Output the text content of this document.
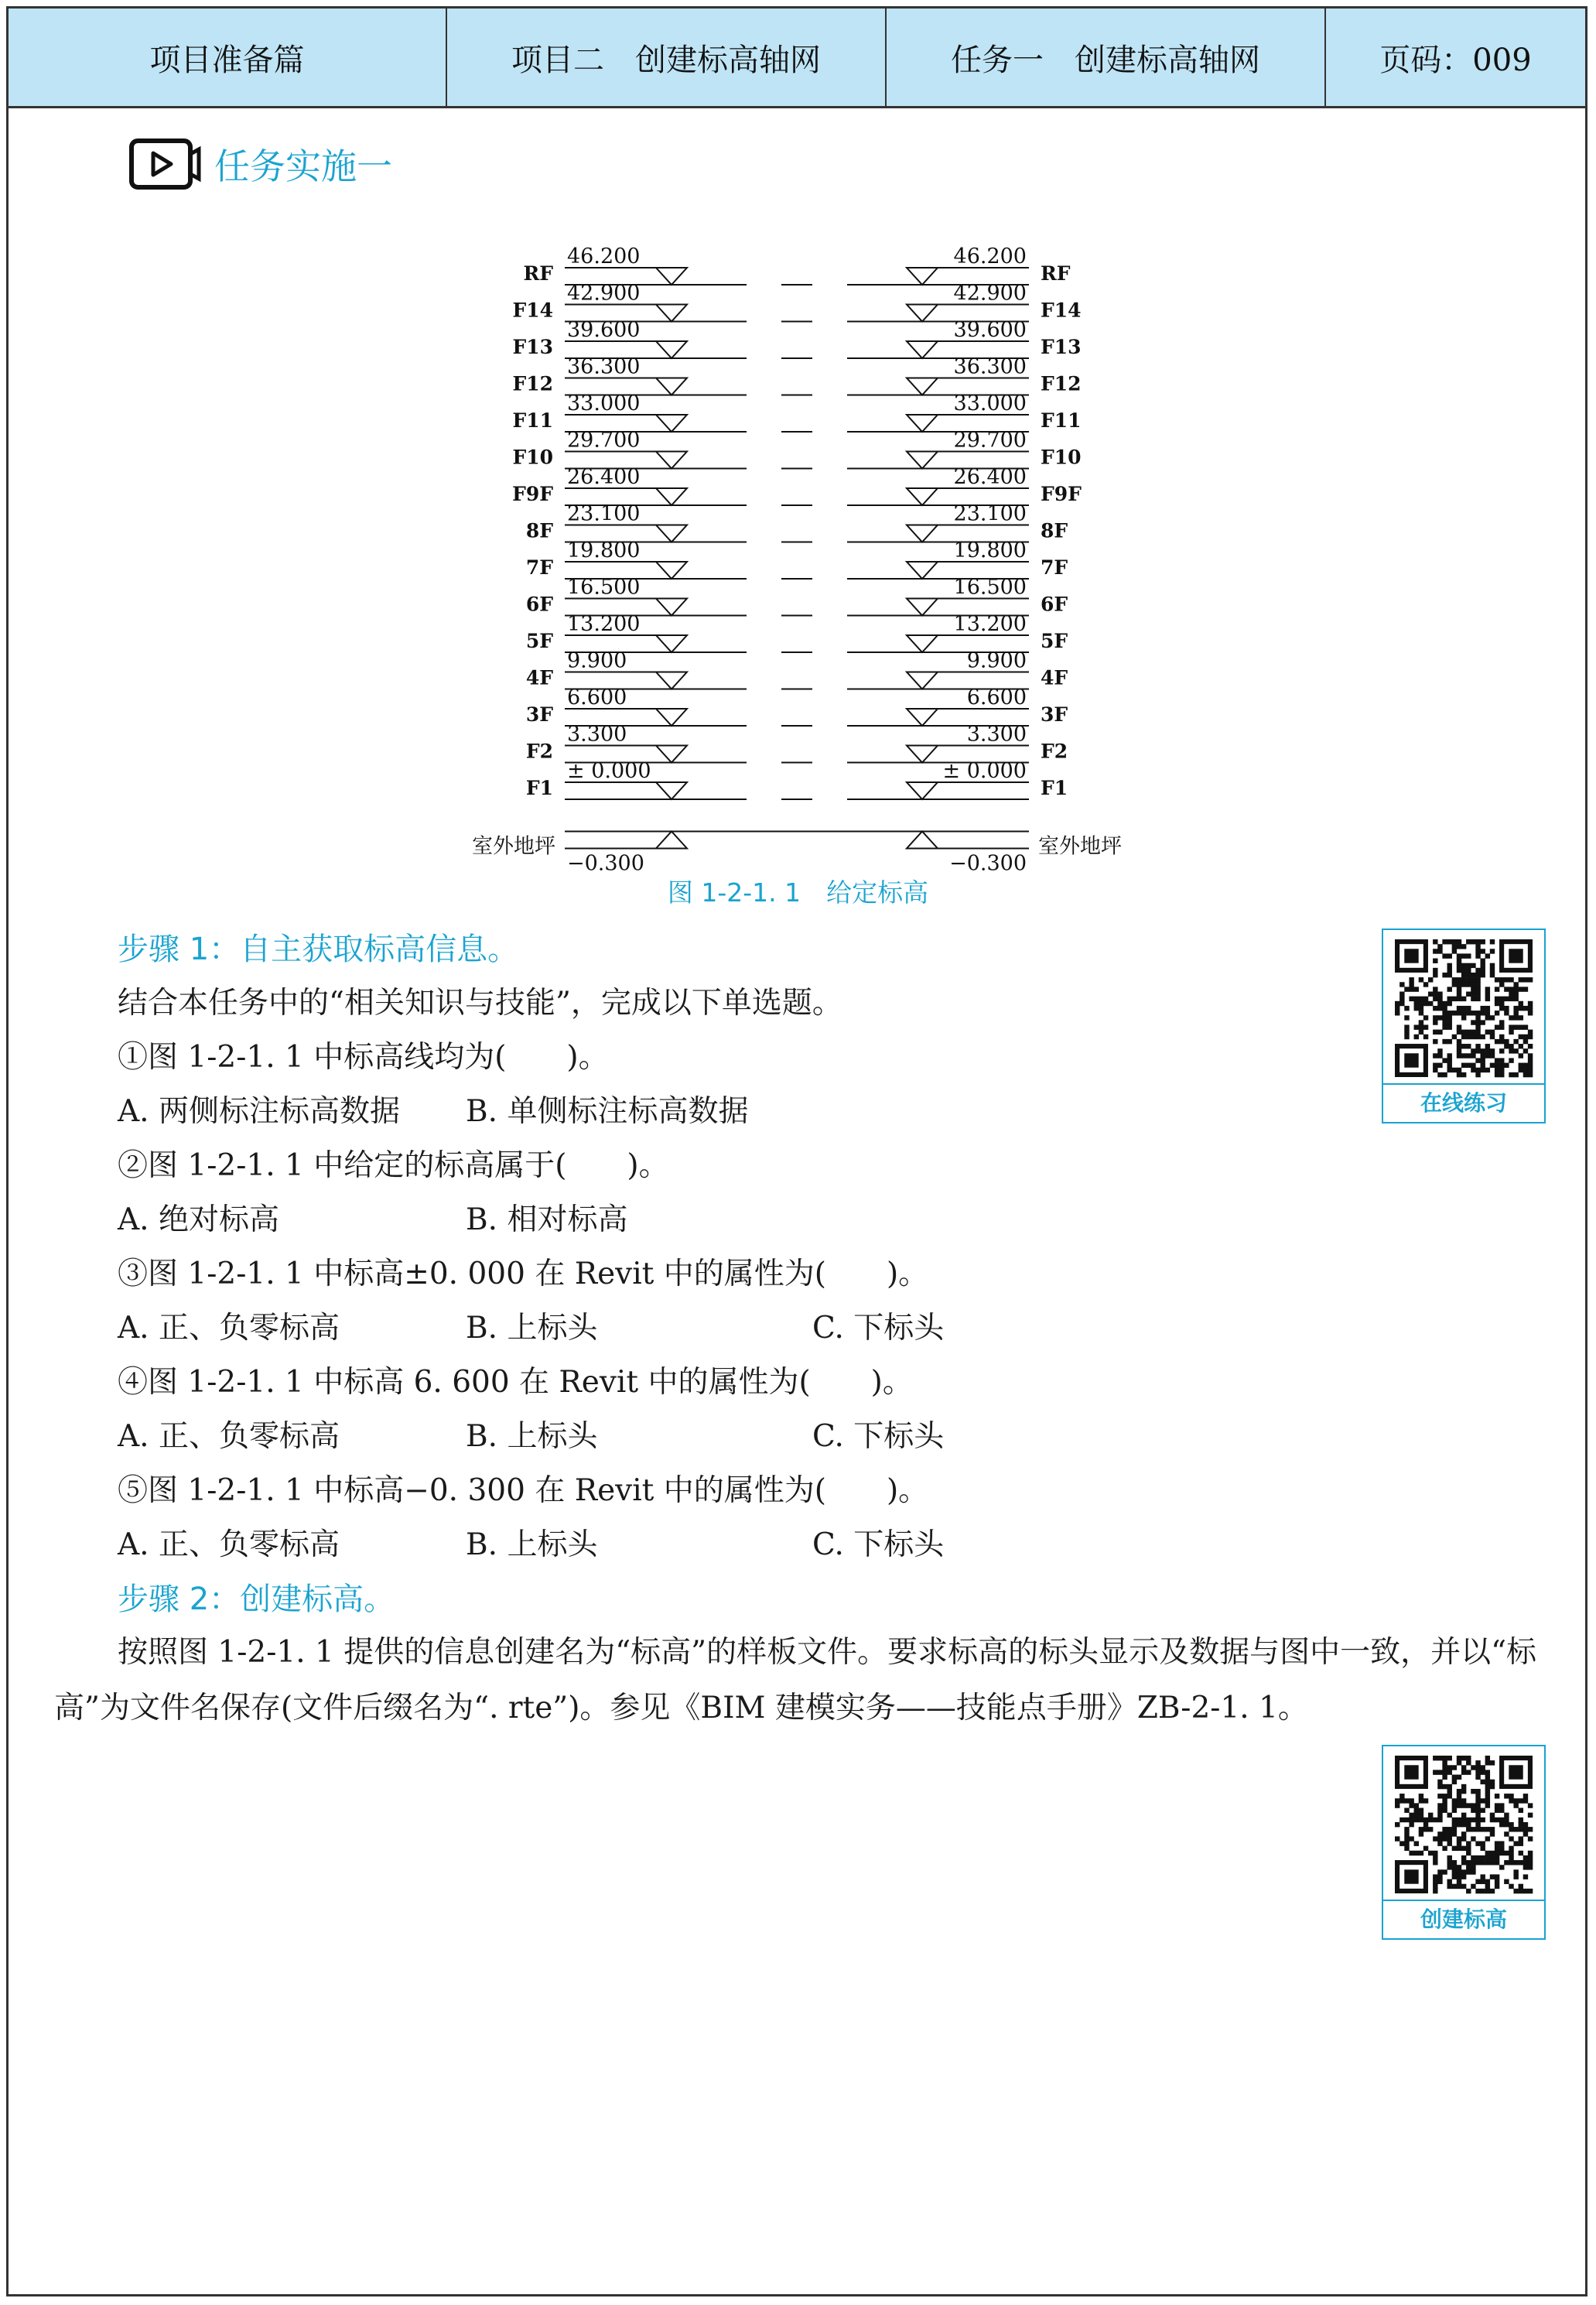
项目准备篇	项目二　创建标高轴网	任务一　创建标高轴网	页码：009
任务实施一
46.200	46.200
RF	RF
42.900	42.900
F14	F14
39.600	39.600
F13	F13
36.300	36.300
F12	F12
33.000	33.000
F11	F11
29.700	29.700
F10	F10
26.400	26.400
F9F	F9F
23.100	23.100
8F	8F
19.800	19.800
7F	7F
16.500	16.500
6F	6F
13.200	13.200
5F	5F
9.900	9.900
4F	4F
6.600	6.600
3F	3F
3.300	3.300
F2	F2
± 0.000	± 0.000
F1	F1
−0.300	−0.300
室外地坪	室外地坪
图 1-2-1. 1　给定标高
步骤 1：自主获取标高信息。
结合本任务中的“相关知识与技能”，完成以下单选题。
①图 1-2-1. 1 中标高线均为(　　)。
A. 两侧标注标高数据 B. 单侧标注标高数据
②图 1-2-1. 1 中给定的标高属于(　　)。
A. 绝对标高	B. 相对标高
③图 1-2-1. 1 中标高±0. 000 在 Revit 中的属性为(　　)。
A. 正、负零标高	B. 上标头	C. 下标头
④图 1-2-1. 1 中标高 6. 600 在 Revit 中的属性为(　　)。
A. 正、负零标高	B. 上标头	C. 下标头
⑤图 1-2-1. 1 中标高−0. 300 在 Revit 中的属性为(　　)。
A. 正、负零标高	B. 上标头	C. 下标头
步骤 2：创建标高。
按照图 1-2-1. 1 提供的信息创建名为“标高”的样板文件。要求标高的标头显示及数据与图中一致，并以“标高”为文件名保存(文件后缀名为“. rte”)。参见《BIM 建模实务——技能点手册》ZB-2-1. 1。
在线练习
创建标高
